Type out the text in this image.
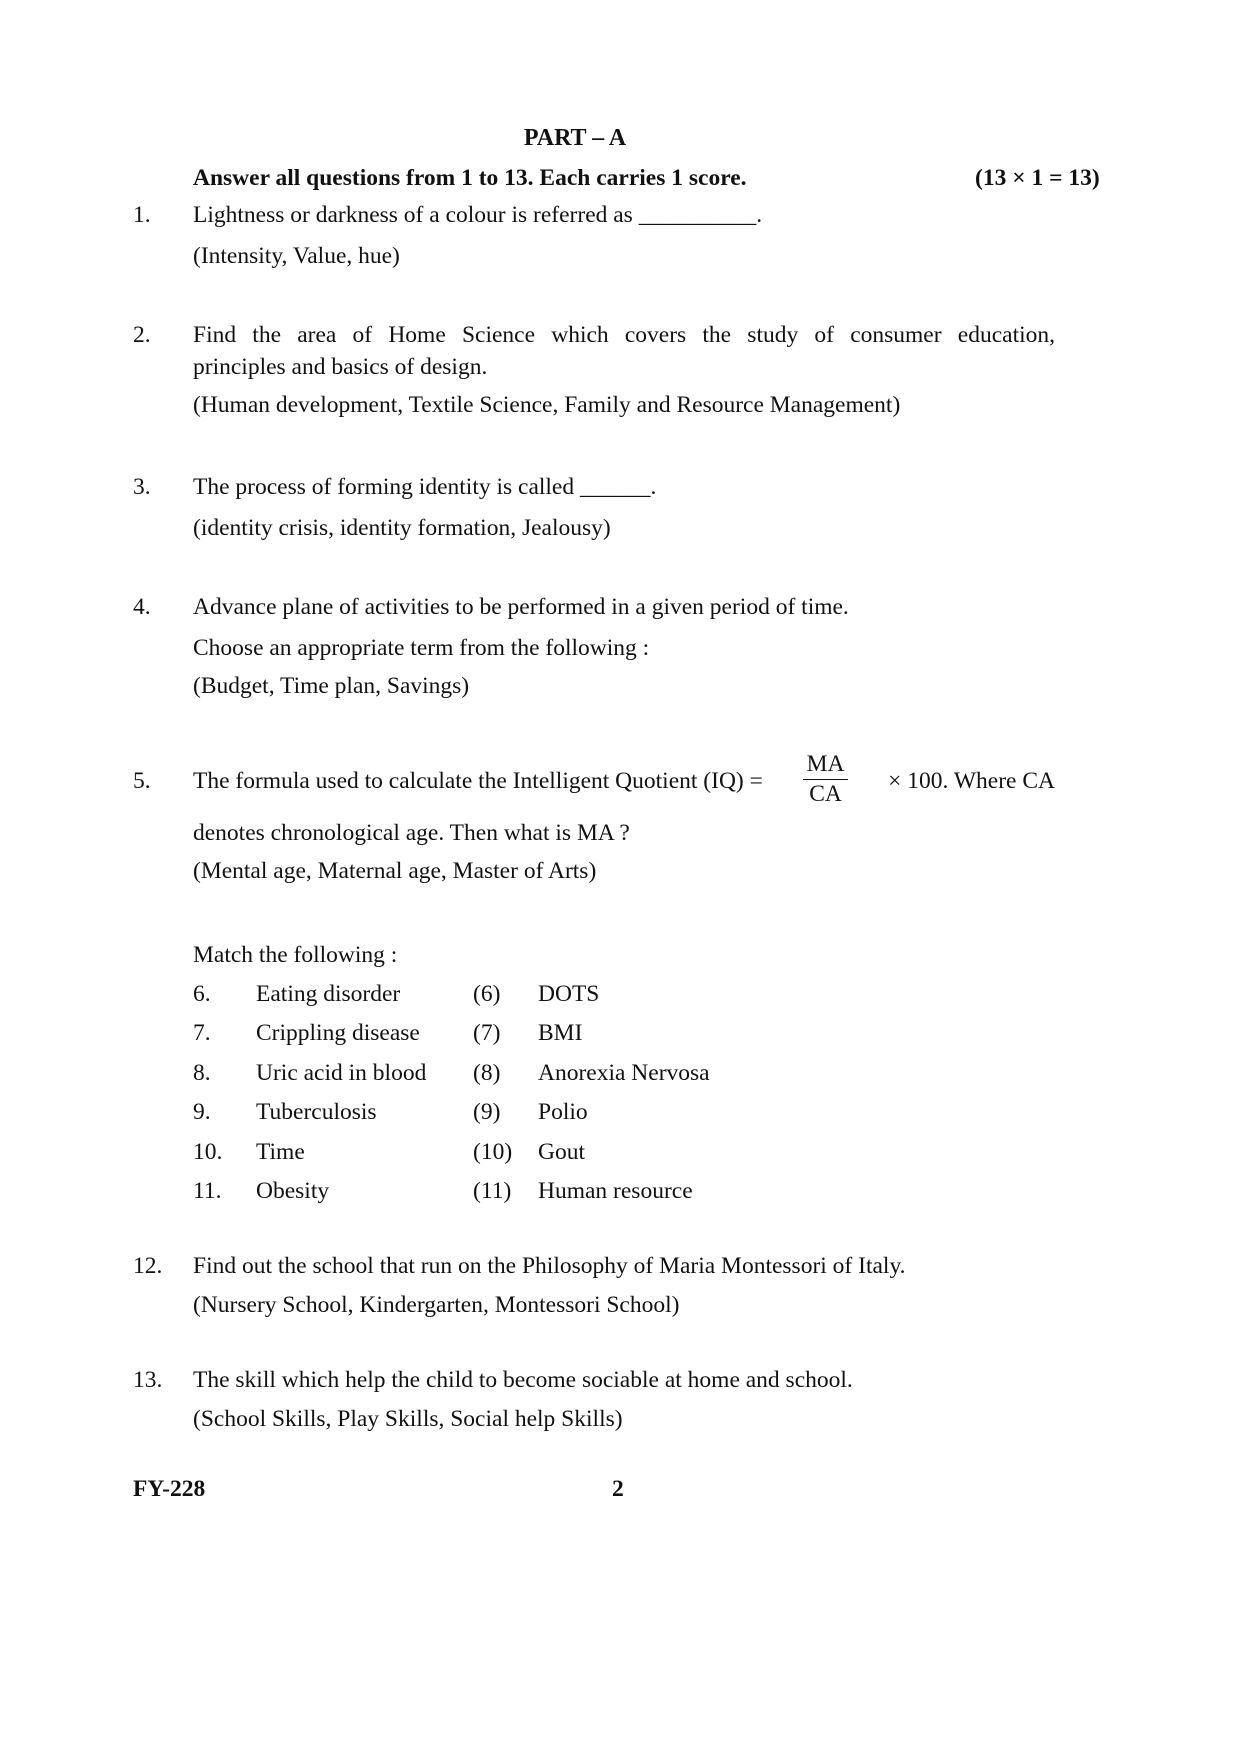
PART – A
Answer all questions from 1 to 13. Each carries 1 score.	(13 × 1 = 13)
1.	Lightness or darkness of a colour is referred as __________.
(Intensity, Value, hue)
2.	Find the area of Home Science which covers the study of consumer education,
principles and basics of design.
(Human development, Textile Science, Family and Resource Management)
3.	The process of forming identity is called ______.
(identity crisis, identity formation, Jealousy)
4.	Advance plane of activities to be performed in a given period of time.
Choose an appropriate term from the following :
(Budget, Time plan, Savings)
5.	The formula used to calculate the Intelligent Quotient $(IQ) = \frac{MA}{CA} \times 100$. Where CA
denotes chronological age. Then what is MA ?
(Mental age, Maternal age, Master of Arts)
Match the following :
6. Eating disorder	(6) DOTS
7. Crippling disease (7) BMI
8. Uric acid in blood (8) Anorexia Nervosa
9. Tuberculosis	(9) Polio
10. Time	(10) Gout
11. Obesity	(11) Human resource
12.	Find out the school that run on the Philosophy of Maria Montessori of Italy.
(Nursery School, Kindergarten, Montessori School)
13.	The skill which help the child to become sociable at home and school.
(School Skills, Play Skills, Social help Skills)
FY-228	2
